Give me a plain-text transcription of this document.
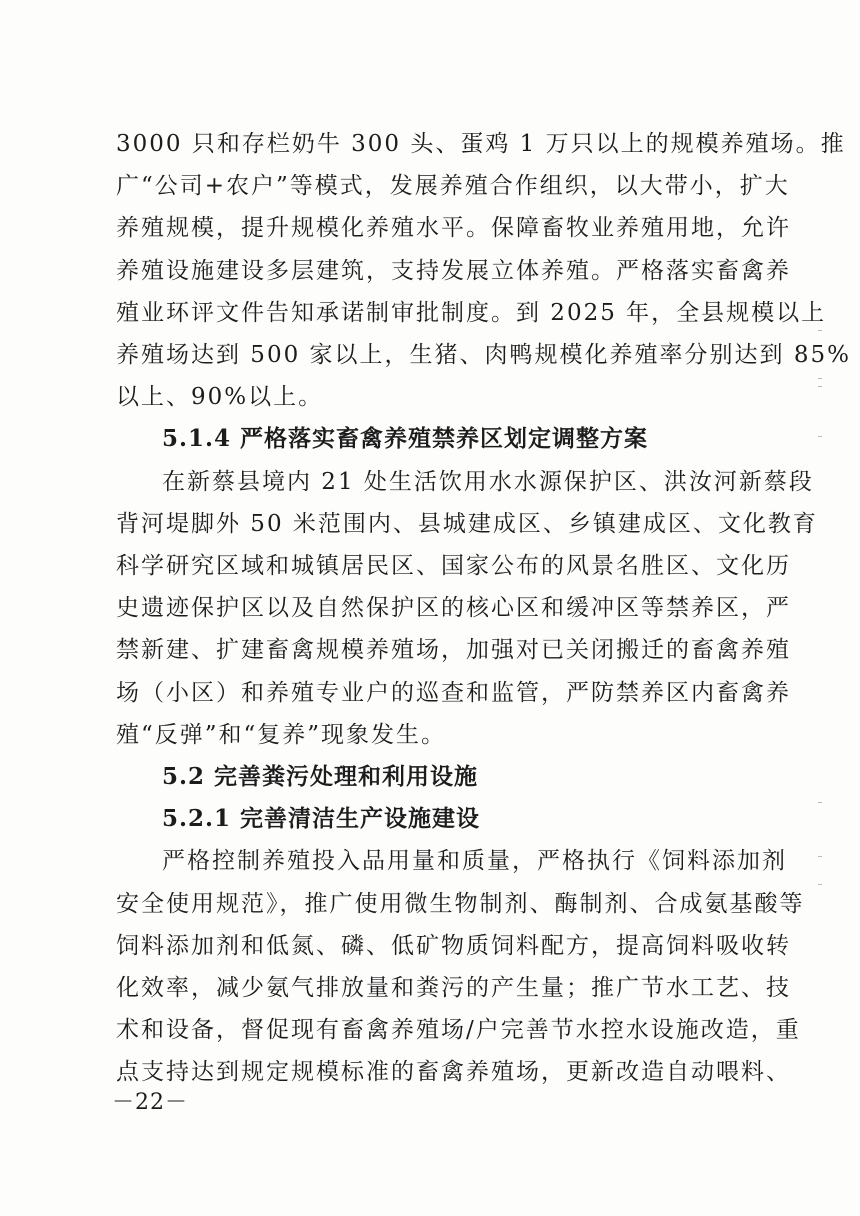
3000 只和存栏奶牛 300 头、蛋鸡 1 万只以上的规模养殖场。推

广“公司+农户”等模式，发展养殖合作组织，以大带小，扩大

养殖规模，提升规模化养殖水平。保障畜牧业养殖用地，允许

养殖设施建设多层建筑，支持发展立体养殖。严格落实畜禽养

殖业环评文件告知承诺制审批制度。到 2025 年，全县规模以上

养殖场达到 500 家以上，生猪、肉鸭规模化养殖率分别达到 85%

以上、90%以上。

5.1.4 严格落实畜禽养殖禁养区划定调整方案

在新蔡县境内 21 处生活饮用水水源保护区、洪汝河新蔡段

背河堤脚外 50 米范围内、县城建成区、乡镇建成区、文化教育

科学研究区域和城镇居民区、国家公布的风景名胜区、文化历

史遗迹保护区以及自然保护区的核心区和缓冲区等禁养区，严

禁新建、扩建畜禽规模养殖场，加强对已关闭搬迁的畜禽养殖

场（小区）和养殖专业户的巡查和监管，严防禁养区内畜禽养

殖“反弹”和“复养”现象发生。

5.2 完善粪污处理和利用设施

5.2.1 完善清洁生产设施建设

严格控制养殖投入品用量和质量，严格执行《饲料添加剂

安全使用规范》，推广使用微生物制剂、酶制剂、合成氨基酸等

饲料添加剂和低氮、磷、低矿物质饲料配方，提高饲料吸收转

化效率，减少氨气排放量和粪污的产生量；推广节水工艺、技

术和设备，督促现有畜禽养殖场/户完善节水控水设施改造，重

点支持达到规定规模标准的畜禽养殖场，更新改造自动喂料、

－22－
